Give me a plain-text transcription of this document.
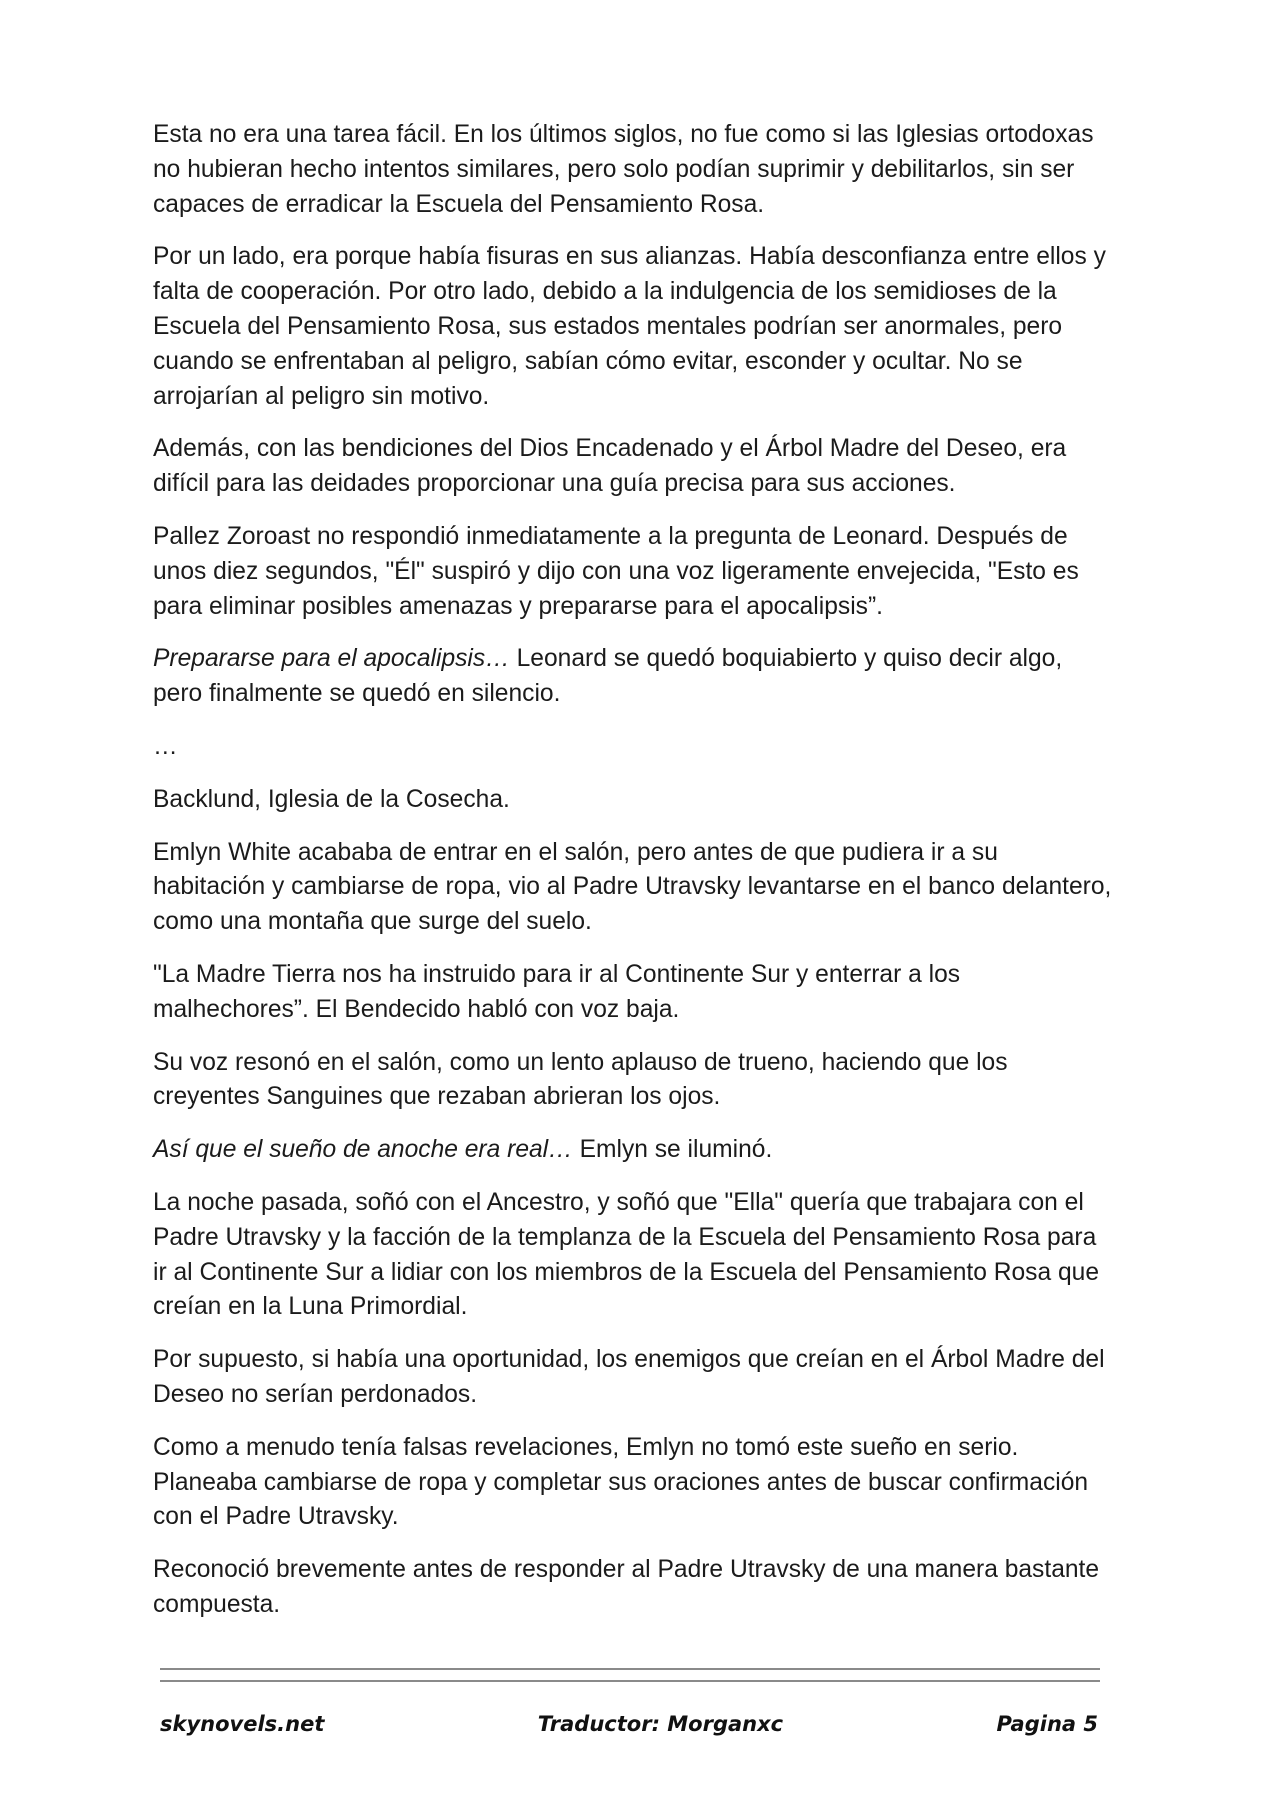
Esta no era una tarea fácil. En los últimos siglos, no fue como si las Iglesias ortodoxas no hubieran hecho intentos similares, pero solo podían suprimir y debilitarlos, sin ser capaces de erradicar la Escuela del Pensamiento Rosa.

Por un lado, era porque había fisuras en sus alianzas. Había desconfianza entre ellos y falta de cooperación. Por otro lado, debido a la indulgencia de los semidioses de la Escuela del Pensamiento Rosa, sus estados mentales podrían ser anormales, pero cuando se enfrentaban al peligro, sabían cómo evitar, esconder y ocultar. No se arrojarían al peligro sin motivo.

Además, con las bendiciones del Dios Encadenado y el Árbol Madre del Deseo, era difícil para las deidades proporcionar una guía precisa para sus acciones.

Pallez Zoroast no respondió inmediatamente a la pregunta de Leonard. Después de unos diez segundos, "Él" suspiró y dijo con una voz ligeramente envejecida, "Esto es para eliminar posibles amenazas y prepararse para el apocalipsis”.

Prepararse para el apocalipsis… Leonard se quedó boquiabierto y quiso decir algo, pero finalmente se quedó en silencio.

…

Backlund, Iglesia de la Cosecha.

Emlyn White acababa de entrar en el salón, pero antes de que pudiera ir a su habitación y cambiarse de ropa, vio al Padre Utravsky levantarse en el banco delantero, como una montaña que surge del suelo.

"La Madre Tierra nos ha instruido para ir al Continente Sur y enterrar a los malhechores”. El Bendecido habló con voz baja.

Su voz resonó en el salón, como un lento aplauso de trueno, haciendo que los creyentes Sanguines que rezaban abrieran los ojos.

Así que el sueño de anoche era real… Emlyn se iluminó.

La noche pasada, soñó con el Ancestro, y soñó que "Ella" quería que trabajara con el Padre Utravsky y la facción de la templanza de la Escuela del Pensamiento Rosa para ir al Continente Sur a lidiar con los miembros de la Escuela del Pensamiento Rosa que creían en la Luna Primordial.

Por supuesto, si había una oportunidad, los enemigos que creían en el Árbol Madre del Deseo no serían perdonados.

Como a menudo tenía falsas revelaciones, Emlyn no tomó este sueño en serio. Planeaba cambiarse de ropa y completar sus oraciones antes de buscar confirmación con el Padre Utravsky.

Reconoció brevemente antes de responder al Padre Utravsky de una manera bastante compuesta.

skynovels.net	Traductor: Morganxc	Pagina 5
